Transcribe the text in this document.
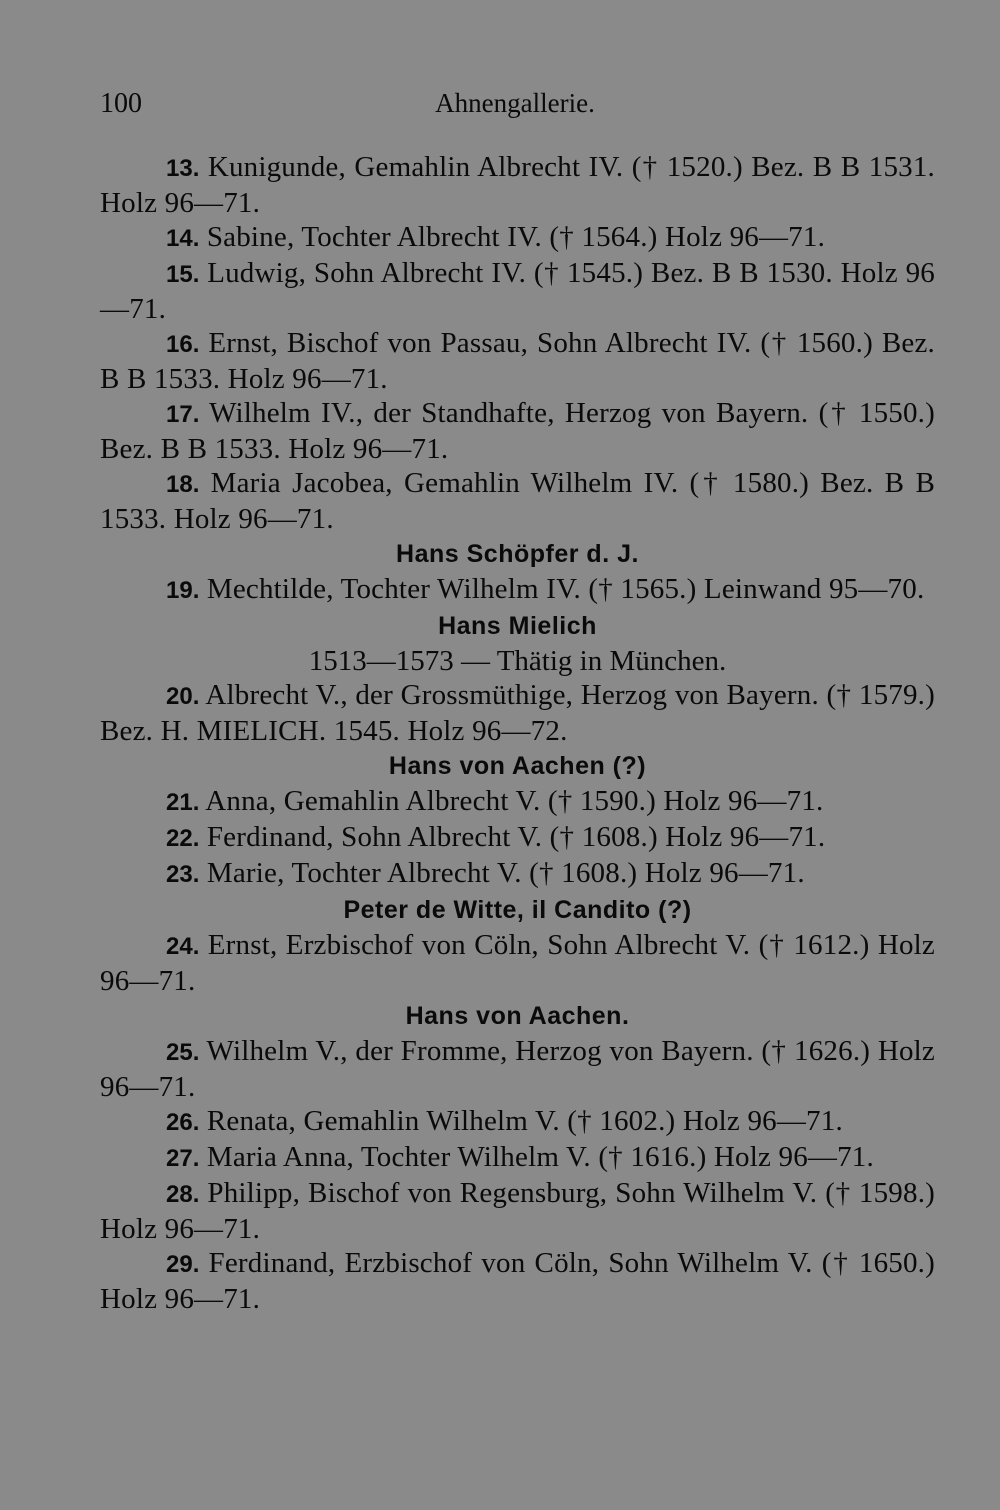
100	Ahnengallerie.

13. Kunigunde, Gemahlin Albrecht IV. († 1520.) Bez. B B 1531. Holz 96—71.

14. Sabine, Tochter Albrecht IV. († 1564.) Holz 96—71.

15. Ludwig, Sohn Albrecht IV. († 1545.) Bez. B B 1530. Holz 96—71.

16. Ernst, Bischof von Passau, Sohn Albrecht IV. († 1560.) Bez. B B 1533. Holz 96—71.

17. Wilhelm IV., der Standhafte, Herzog von Bayern. († 1550.) Bez. B B 1533. Holz 96—71.

18. Maria Jacobea, Gemahlin Wilhelm IV. († 1580.) Bez. B B 1533. Holz 96—71.

Hans Schöpfer d. J.

19. Mechtilde, Tochter Wilhelm IV. († 1565.) Leinwand 95—70.

Hans Mielich

1513—1573 — Thätig in München.

20. Albrecht V., der Grossmüthige, Herzog von Bayern. († 1579.) Bez. H. MIELICH. 1545. Holz 96—72.

Hans von Aachen (?)

21. Anna, Gemahlin Albrecht V. († 1590.) Holz 96—71.

22. Ferdinand, Sohn Albrecht V. († 1608.) Holz 96—71.

23. Marie, Tochter Albrecht V. († 1608.) Holz 96—71.

Peter de Witte, il Candito (?)

24. Ernst, Erzbischof von Cöln, Sohn Albrecht V. († 1612.) Holz 96—71.

Hans von Aachen.

25. Wilhelm V., der Fromme, Herzog von Bayern. († 1626.) Holz 96—71.

26. Renata, Gemahlin Wilhelm V. († 1602.) Holz 96—71.

27. Maria Anna, Tochter Wilhelm V. († 1616.) Holz 96—71.

28. Philipp, Bischof von Regensburg, Sohn Wilhelm V. († 1598.) Holz 96—71.

29. Ferdinand, Erzbischof von Cöln, Sohn Wilhelm V. († 1650.) Holz 96—71.
